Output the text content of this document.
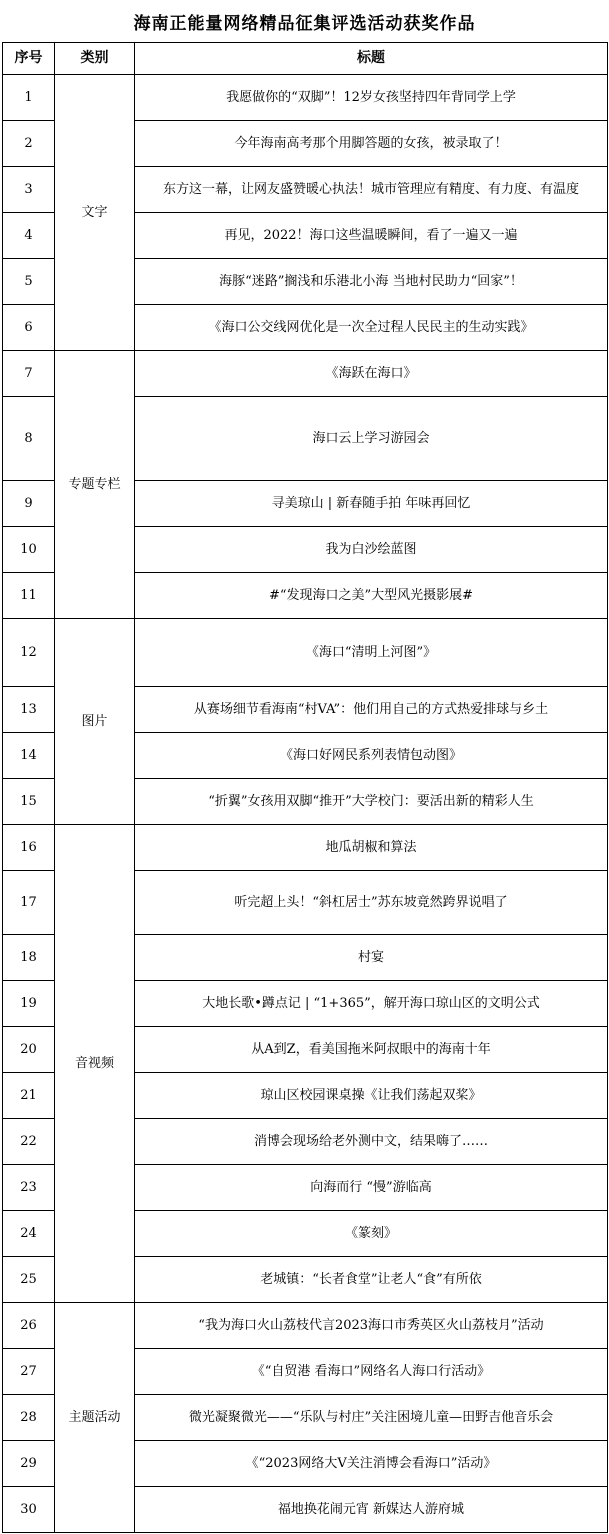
海南正能量网络精品征集评选活动获奖作品
序号	类别	标题
1	文字	我愿做你的“双脚”！12岁女孩坚持四年背同学上学
2		今年海南高考那个用脚答题的女孩，被录取了！
3		东方这一幕，让网友盛赞暖心执法！城市管理应有精度、有力度、有温度
4		再见，2022！海口这些温暖瞬间，看了一遍又一遍
5		海豚“迷路”搁浅和乐港北小海 当地村民助力“回家”！
6		《海口公交线网优化是一次全过程人民民主的生动实践》
7	专题专栏	《海跃在海口》
8		海口云上学习游园会
9		寻美琼山 | 新春随手拍 年味再回忆
10		我为白沙绘蓝图
11		#“发现海口之美”大型风光摄影展#
12	图片	《海口“清明上河图”》
13		从赛场细节看海南“村VA”：他们用自己的方式热爱排球与乡土
14		《海口好网民系列表情包动图》
15		“折翼”女孩用双脚“推开”大学校门：要活出新的精彩人生
16	音视频	地瓜胡椒和算法
17		听完超上头！“斜杠居士”苏东坡竟然跨界说唱了
18		村宴
19		大地长歌•蹲点记 | “1+365”，解开海口琼山区的文明公式
20		从A到Z，看美国拖米阿叔眼中的海南十年
21		琼山区校园课桌操《让我们荡起双桨》
22		消博会现场给老外测中文，结果嗨了……
23		向海而行 “慢”游临高
24		《篆刻》
25		老城镇：“长者食堂”让老人“食”有所依
26	主题活动	“我为海口火山荔枝代言2023海口市秀英区火山荔枝月”活动
27		《“自贸港 看海口”网络名人海口行活动》
28		微光凝聚微光——“乐队与村庄”关注困境儿童—田野吉他音乐会
29		《“2023网络大V关注消博会看海口”活动》
30		福地换花闹元宵 新媒达人游府城
